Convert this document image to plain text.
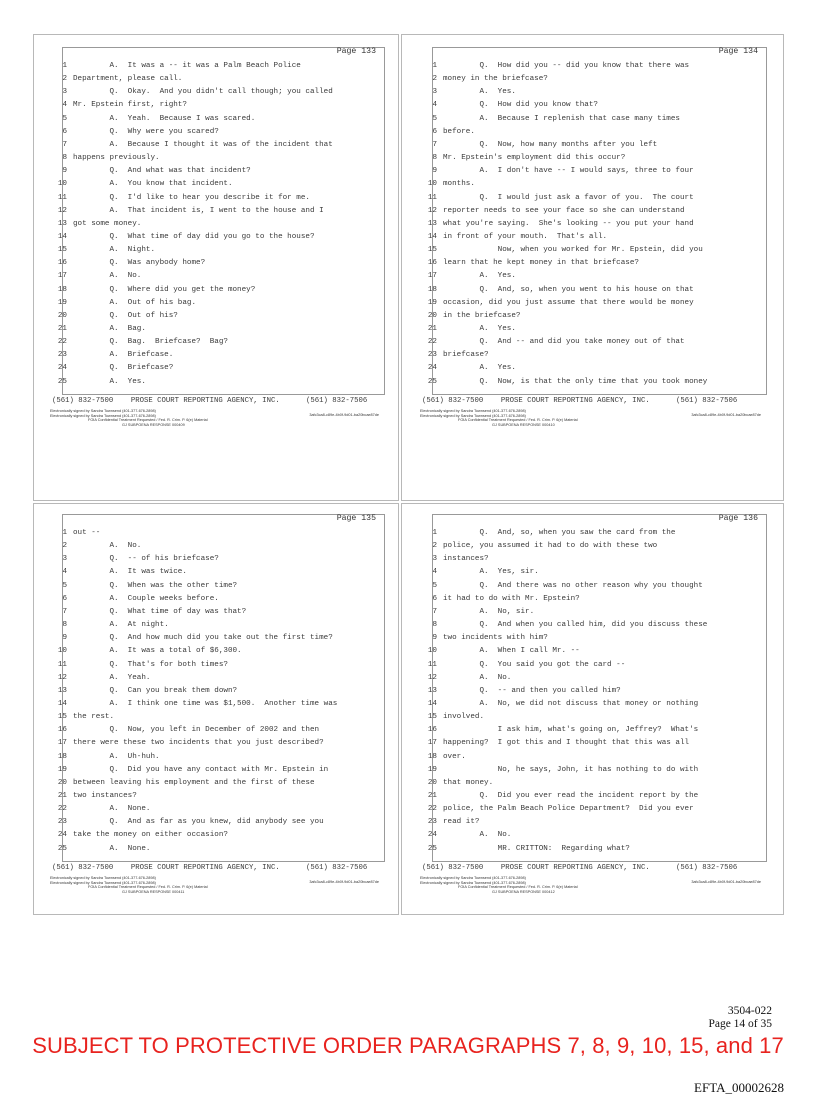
Page 133
1 A.  It was a -- it was a Palm Beach Police
2 Department, please call.
3 Q.  Okay.  And you didn't call though; you called
4 Mr. Epstein first, right?
5 A.  Yeah.  Because I was scared.
6 Q.  Why were you scared?
7 A.  Because I thought it was of the incident that
8 happens previously.
9 Q.  And what was that incident?
10 A.  You know that incident.
11 Q.  I'd like to hear you describe it for me.
12 A.  That incident is, I went to the house and I
13 got some money.
14 Q.  What time of day did you go to the house?
15 A.  Night.
16 Q.  Was anybody home?
17 A.  No.
18 Q.  Where did you get the money?
19 A.  Out of his bag.
20 Q.  Out of his?
21 A.  Bag.
22 Q.  Bag.  Briefcase?  Bag?
23 A.  Briefcase.
24 Q.  Briefcase?
25 A.  Yes.
(561) 832-7500    PROSE COURT REPORTING AGENCY, INC.      (561) 832-7506
Electronically signed by Sandra Townsend (401-377-676-2898)
Electronically signed by Sandra Townsend (401-377-676-2898)
FOIA Confidential Treatment Requested / Fed. R. Crim. P. 6(e) Material
GJ SUBPOENA RESPONSE 000409
3afc3ca8-c89e-4b0f-9d01-ba20bcae87de
Page 134
1 Q.  How did you -- did you know that there was
2 money in the briefcase?
3 A.  Yes.
4 Q.  How did you know that?
5 A.  Because I replenish that case many times
6 before.
7 Q.  Now, how many months after you left
8 Mr. Epstein's employment did this occur?
9 A.  I don't have -- I would says, three to four
10 months.
11 Q.  I would just ask a favor of you.  The court
12 reporter needs to see your face so she can understand
13 what you're saying.  She's looking -- you put your hand
14 in front of your mouth.  That's all.
15 Now, when you worked for Mr. Epstein, did you
16 learn that he kept money in that briefcase?
17 A.  Yes.
18 Q.  And, so, when you went to his house on that
19 occasion, did you just assume that there would be money
20 in the briefcase?
21 A.  Yes.
22 Q.  And -- and did you take money out of that
23 briefcase?
24 A.  Yes.
25 Q.  Now, is that the only time that you took money
(561) 832-7500    PROSE COURT REPORTING AGENCY, INC.      (561) 832-7506
Electronically signed by Sandra Townsend (401-377-676-2898)
Electronically signed by Sandra Townsend (401-377-676-2898)
FOIA Confidential Treatment Requested / Fed. R. Crim. P. 6(e) Material
GJ SUBPOENA RESPONSE 000410
3afc3ca8-c89e-4b0f-9d01-ba20bcae87de
Page 135
1 out --
2 A.  No.
3 Q.  -- of his briefcase?
4 A.  It was twice.
5 Q.  When was the other time?
6 A.  Couple weeks before.
7 Q.  What time of day was that?
8 A.  At night.
9 Q.  And how much did you take out the first time?
10 A.  It was a total of $6,300.
11 Q.  That's for both times?
12 A.  Yeah.
13 Q.  Can you break them down?
14 A.  I think one time was $1,500.  Another time was
15 the rest.
16 Q.  Now, you left in December of 2002 and then
17 there were these two incidents that you just described?
18 A.  Uh-huh.
19 Q.  Did you have any contact with Mr. Epstein in
20 between leaving his employment and the first of these
21 two instances?
22 A.  None.
23 Q.  And as far as you knew, did anybody see you
24 take the money on either occasion?
25 A.  None.
(561) 832-7500    PROSE COURT REPORTING AGENCY, INC.      (561) 832-7506
Electronically signed by Sandra Townsend (401-377-676-2898)
Electronically signed by Sandra Townsend (401-377-676-2898)
FOIA Confidential Treatment Requested / Fed. R. Crim. P. 6(e) Material
GJ SUBPOENA RESPONSE 000411
3afc3ca8-c89e-4b0f-9d01-ba20bcae87de
Page 136
1 Q.  And, so, when you saw the card from the
2 police, you assumed it had to do with these two
3 instances?
4 A.  Yes, sir.
5 Q.  And there was no other reason why you thought
6 it had to do with Mr. Epstein?
7 A.  No, sir.
8 Q.  And when you called him, did you discuss these
9 two incidents with him?
10 A.  When I call Mr. --
11 Q.  You said you got the card --
12 A.  No.
13 Q.  -- and then you called him?
14 A.  No, we did not discuss that money or nothing
15 involved.
16 I ask him, what's going on, Jeffrey?  What's
17 happening?  I got this and I thought that this was all
18 over.
19 No, he says, John, it has nothing to do with
20 that money.
21 Q.  Did you ever read the incident report by the
22 police, the Palm Beach Police Department?  Did you ever
23 read it?
24 A.  No.
25 MR. CRITTON:  Regarding what?
(561) 832-7500    PROSE COURT REPORTING AGENCY, INC.      (561) 832-7506
Electronically signed by Sandra Townsend (401-377-676-2898)
Electronically signed by Sandra Townsend (401-377-676-2898)
FOIA Confidential Treatment Requested / Fed. R. Crim. P. 6(e) Material
GJ SUBPOENA RESPONSE 000412
3afc3ca8-c89e-4b0f-9d01-ba20bcae87de
3504-022
Page 14 of 35
SUBJECT TO PROTECTIVE ORDER PARAGRAPHS 7, 8, 9, 10, 15, and 17
EFTA_00002628
